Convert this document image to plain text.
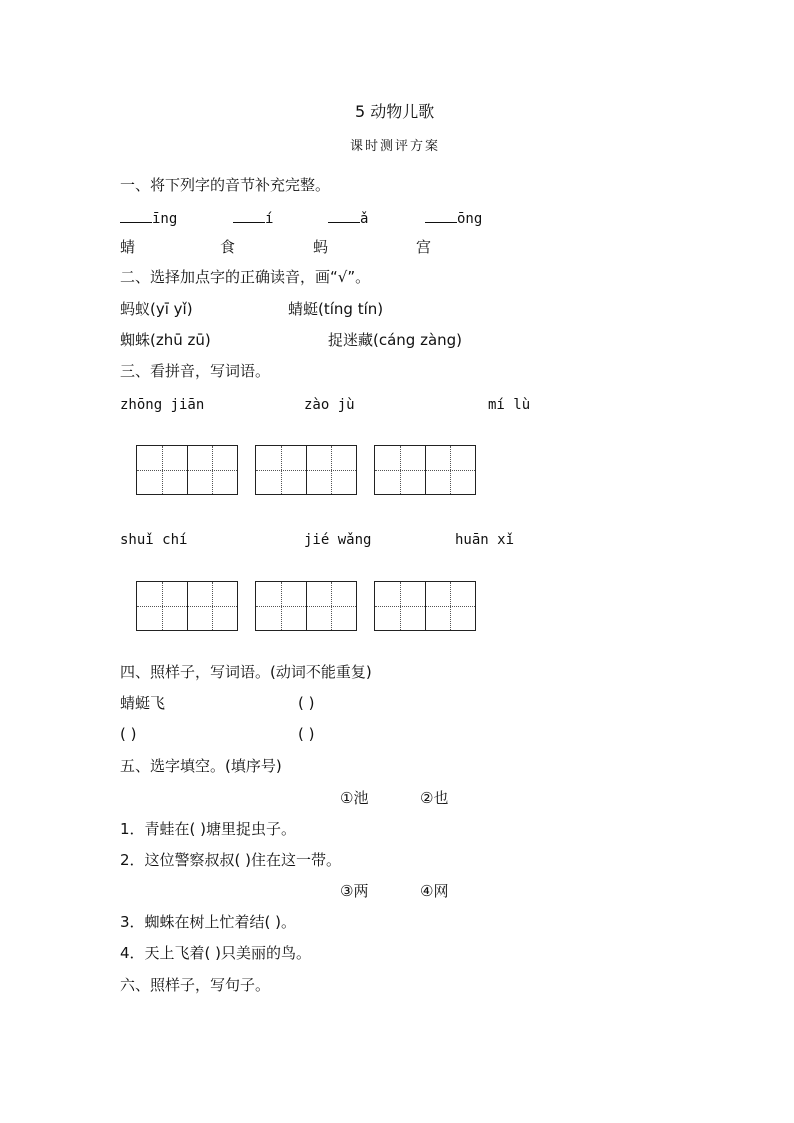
5 动物儿歌
课时测评方案
一、将下列字的音节补充完整。
īng	í	ǎ	ōng
蜻	食	蚂	宫
二、选择加点字的正确读音，画“√”。
蚂蚁(yī yǐ)	蜻蜓(tíng tín)
蜘蛛(zhū zū)	捉迷藏(cáng zàng)
三、看拼音，写词语。
zhōng jiān	zào jù	mí lù
shuǐ chí	jié wǎng	huān xǐ
四、照样子，写词语。(动词不能重复)
蜻蜓飞	( )
( )	( )
五、选字填空。(填序号)
①池	②也
1．青蛙在( )塘里捉虫子。
2．这位警察叔叔( )住在这一带。
③两	④网
3．蜘蛛在树上忙着结( )。
4．天上飞着( )只美丽的鸟。
六、照样子，写句子。
